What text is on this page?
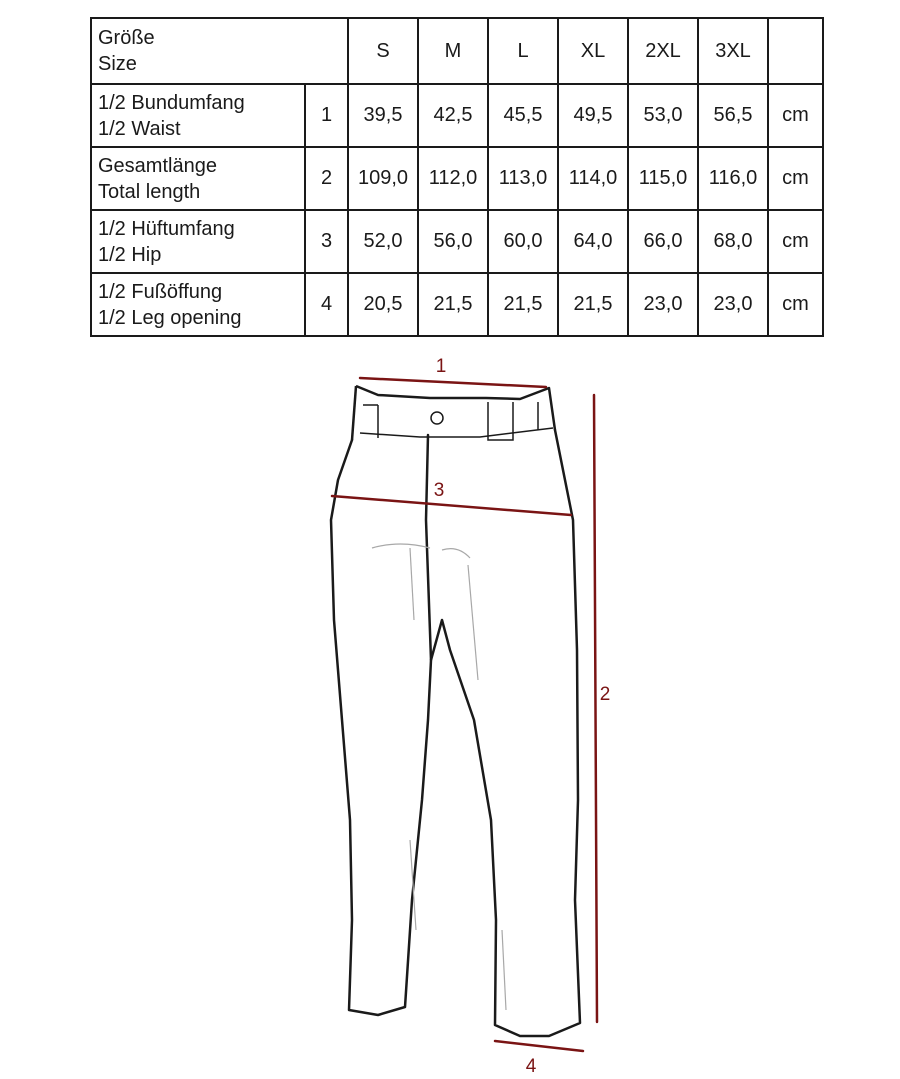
Größe
Size		S	M	L	XL	2XL	3XL	

1/2 Bundumfang
1/2 Waist	1	39,5	42,5	45,5	49,5	53,0	56,5	cm

Gesamtlänge
Total length	2	109,0	112,0	113,0	114,0	115,0	116,0	cm

1/2 Hüftumfang
1/2 Hip	3	52,0	56,0	60,0	64,0	66,0	68,0	cm

1/2 Fußöffung
1/2 Leg opening	4	20,5	21,5	21,5	21,5	23,0	23,0	cm
1
3
2
4
